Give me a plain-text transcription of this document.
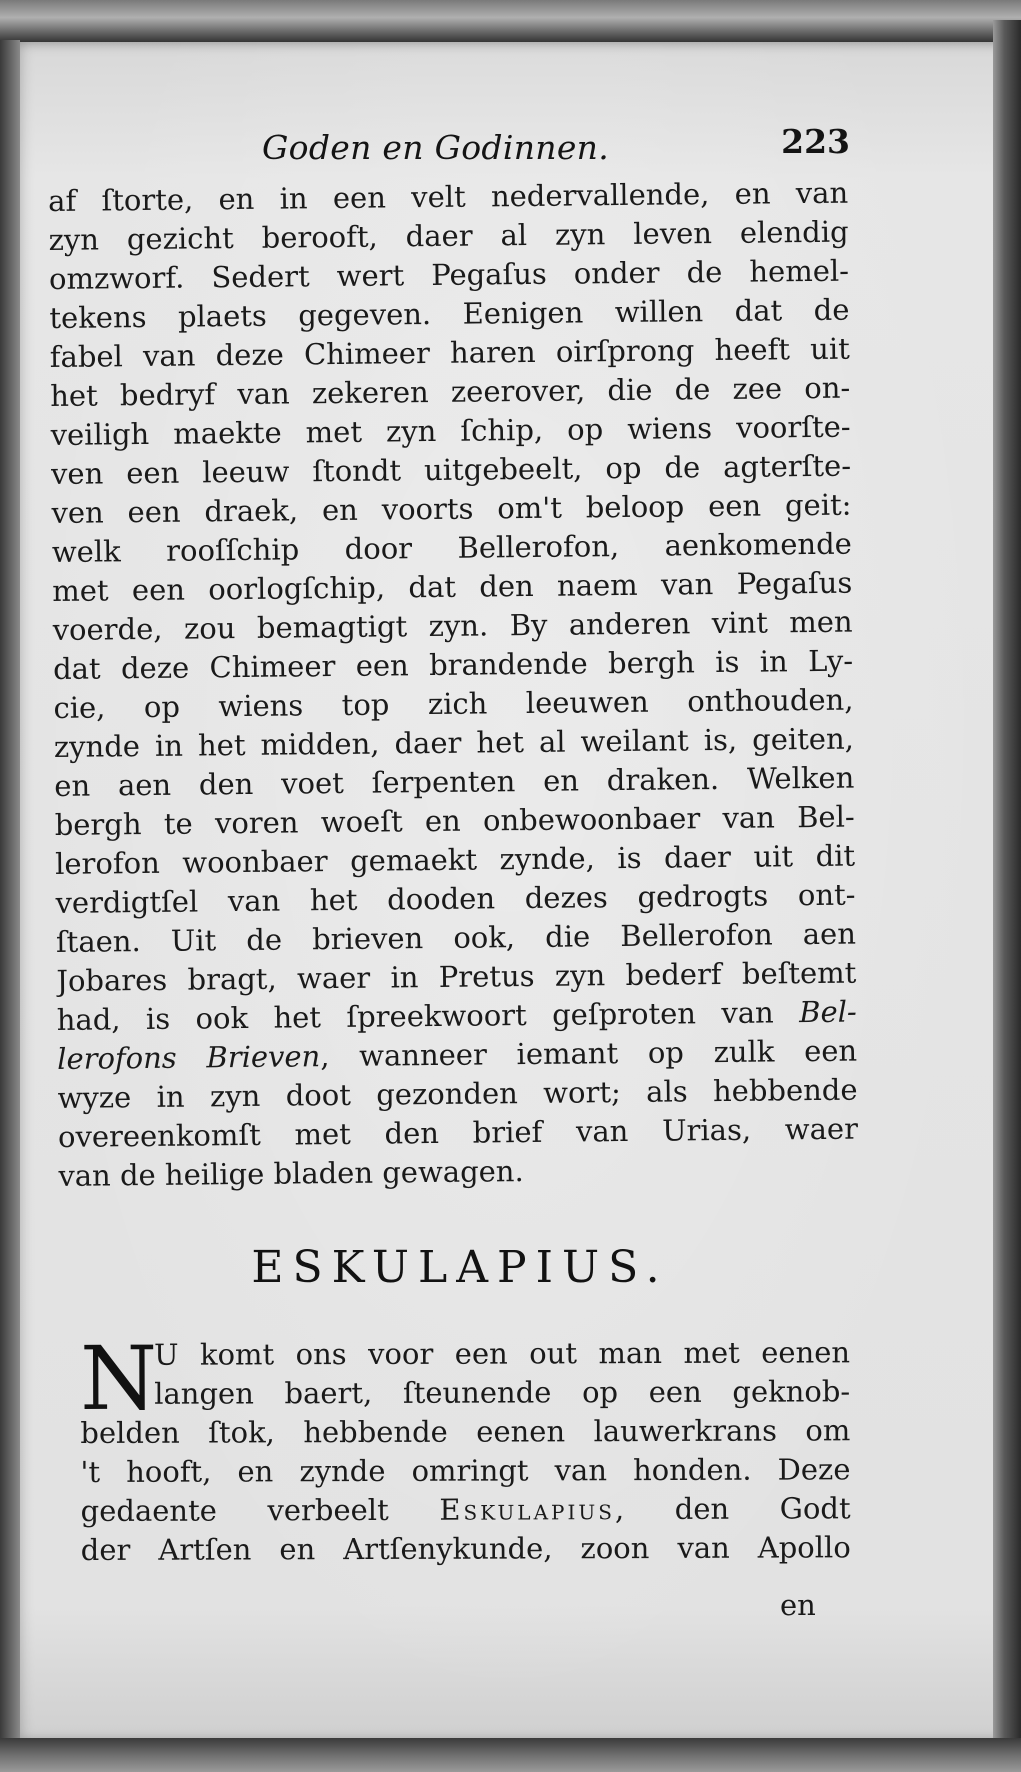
Goden en Godinnen.	223
af ſtorte, en in een velt nedervallende, en van
zyn gezicht berooft, daer al zyn leven elendig
omzworf. Sedert wert Pegaſus onder de hemel-
tekens plaets gegeven. Eenigen willen dat de
fabel van deze Chimeer haren oirſprong heeft uit
het bedryf van zekeren zeerover, die de zee on-
veiligh maekte met zyn ſchip, op wiens voorſte-
ven een leeuw ſtondt uitgebeelt, op de agterſte-
ven een draek, en voorts om't beloop een geit:
welk rooſſchip door Bellerofon, aenkomende
met een oorlogſchip, dat den naem van Pegaſus
voerde, zou bemagtigt zyn. By anderen vint men
dat deze Chimeer een brandende bergh is in Ly-
cie, op wiens top zich leeuwen onthouden,
zynde in het midden, daer het al weilant is, geiten,
en aen den voet ſerpenten en draken. Welken
bergh te voren woeſt en onbewoonbaer van Bel-
lerofon woonbaer gemaekt zynde, is daer uit dit
verdigtſel van het dooden dezes gedrogts ont-
ſtaen. Uit de brieven ook, die Bellerofon aen
Jobares bragt, waer in Pretus zyn bederf beſtemt
had, is ook het ſpreekwoort geſproten van Bel-
lerofons Brieven, wanneer iemant op zulk een
wyze in zyn doot gezonden wort; als hebbende
overeenkomſt met den brief van Urias, waer
van de heilige bladen gewagen.
ESKULAPIUS.
N
U komt ons voor een out man met eenen
langen baert, ſteunende op een geknob-
belden ſtok, hebbende eenen lauwerkrans om
't hooft, en zynde omringt van honden. Deze
gedaente verbeelt Eskulapius, den Godt
der Artſen en Artſenykunde, zoon van Apollo
en
